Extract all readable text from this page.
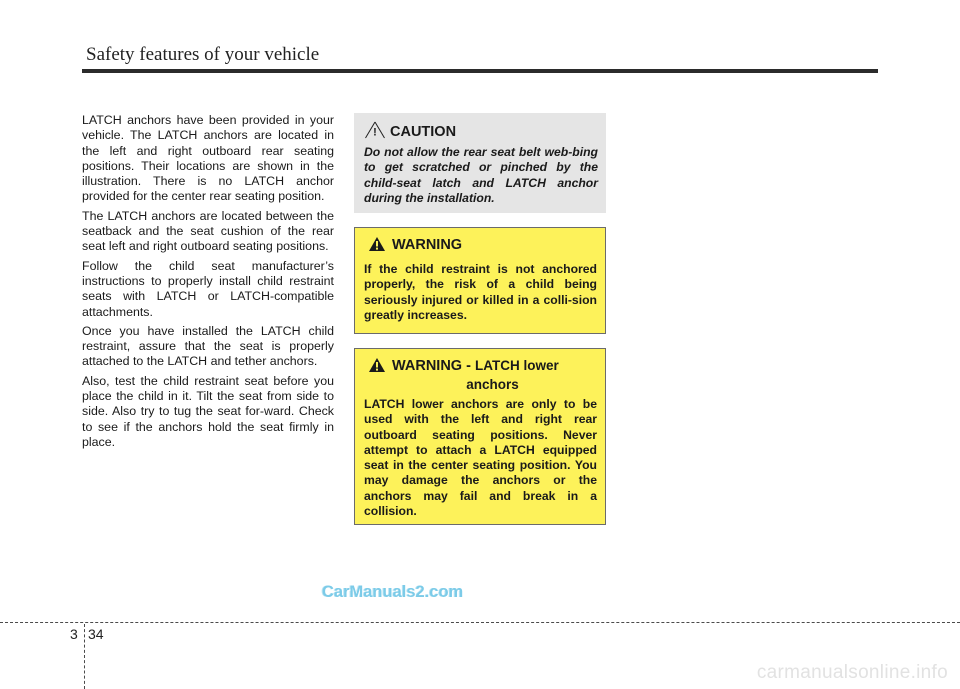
Safety features of your vehicle

LATCH anchors have been provided in your vehicle. The LATCH anchors are located in the left and right outboard rear seating positions. Their locations are shown in the illustration. There is no LATCH anchor provided for the center rear seating position.

The LATCH anchors are located between the seatback and the seat cushion of the rear seat left and right outboard seating positions.

Follow the child seat manufacturer’s instructions to properly install child restraint seats with LATCH or LATCH-compatible attachments.

Once you have installed the LATCH child restraint, assure that the seat is properly attached to the LATCH and tether anchors.

Also, test the child restraint seat before you place the child in it. Tilt the seat from side to side. Also try to tug the seat for-ward. Check to see if the anchors hold the seat firmly in place.

! CAUTION
Do not allow the rear seat belt web-bing to get scratched or pinched by the child-seat latch and LATCH anchor during the installation.
WARNING
If the child restraint is not anchored properly, the risk of a child being seriously injured or killed in a colli-sion greatly increases.
WARNING - LATCH lower
anchors
LATCH lower anchors are only to be used with the left and right rear outboard seating positions. Never attempt to attach a LATCH equipped seat in the center seating position. You may damage the anchors or the anchors may fail and break in a collision.
CarManuals2.com
3 34
carmanualsonline.info
